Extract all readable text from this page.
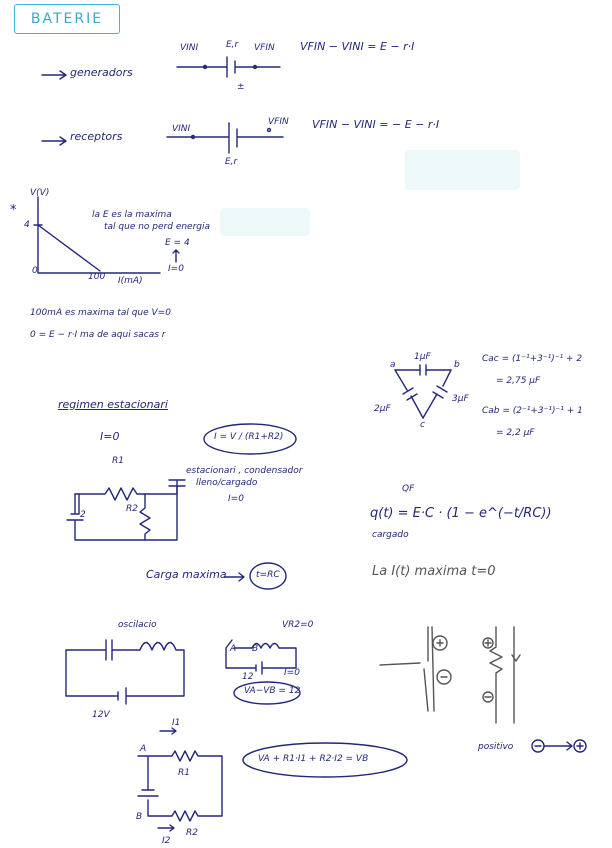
BATERIE
generadors
VINI	E,r VFIN
±
VFIN − VINI = E − r·I
receptors
VINI
VFIN
E,r
VFIN − VINI = − E − r·I
*
V(V)
4
0
100 I(mA)
la E es la maxima
tal que no perd energia
E = 4
I=0
100mA es maxima tal que V=0
0 = E − r·I ma de aqui sacas r
a	b
c
1μF
2μF
3μF
Cac = (1⁻¹+3⁻¹)⁻¹ + 2
= 2,75 μF
Cab = (2⁻¹+3⁻¹)⁻¹ + 1
= 2,2 μF
regimen estacionari
I=0	I = V / (R1+R2)
R1
R2
2
estacionari , condensador
lleno/cargado
I=0
QF
q(t) = E·C · (1 − e^(−t/RC))
cargado
Carga maxima	t=RC	La I(t) maxima t=0
oscilacio
12V
A B
VR2=0
12	I=0
VA−VB = 12
positivo
I1
R1
R2
I2
A
B
VA + R1·I1 + R2·I2 = VB
